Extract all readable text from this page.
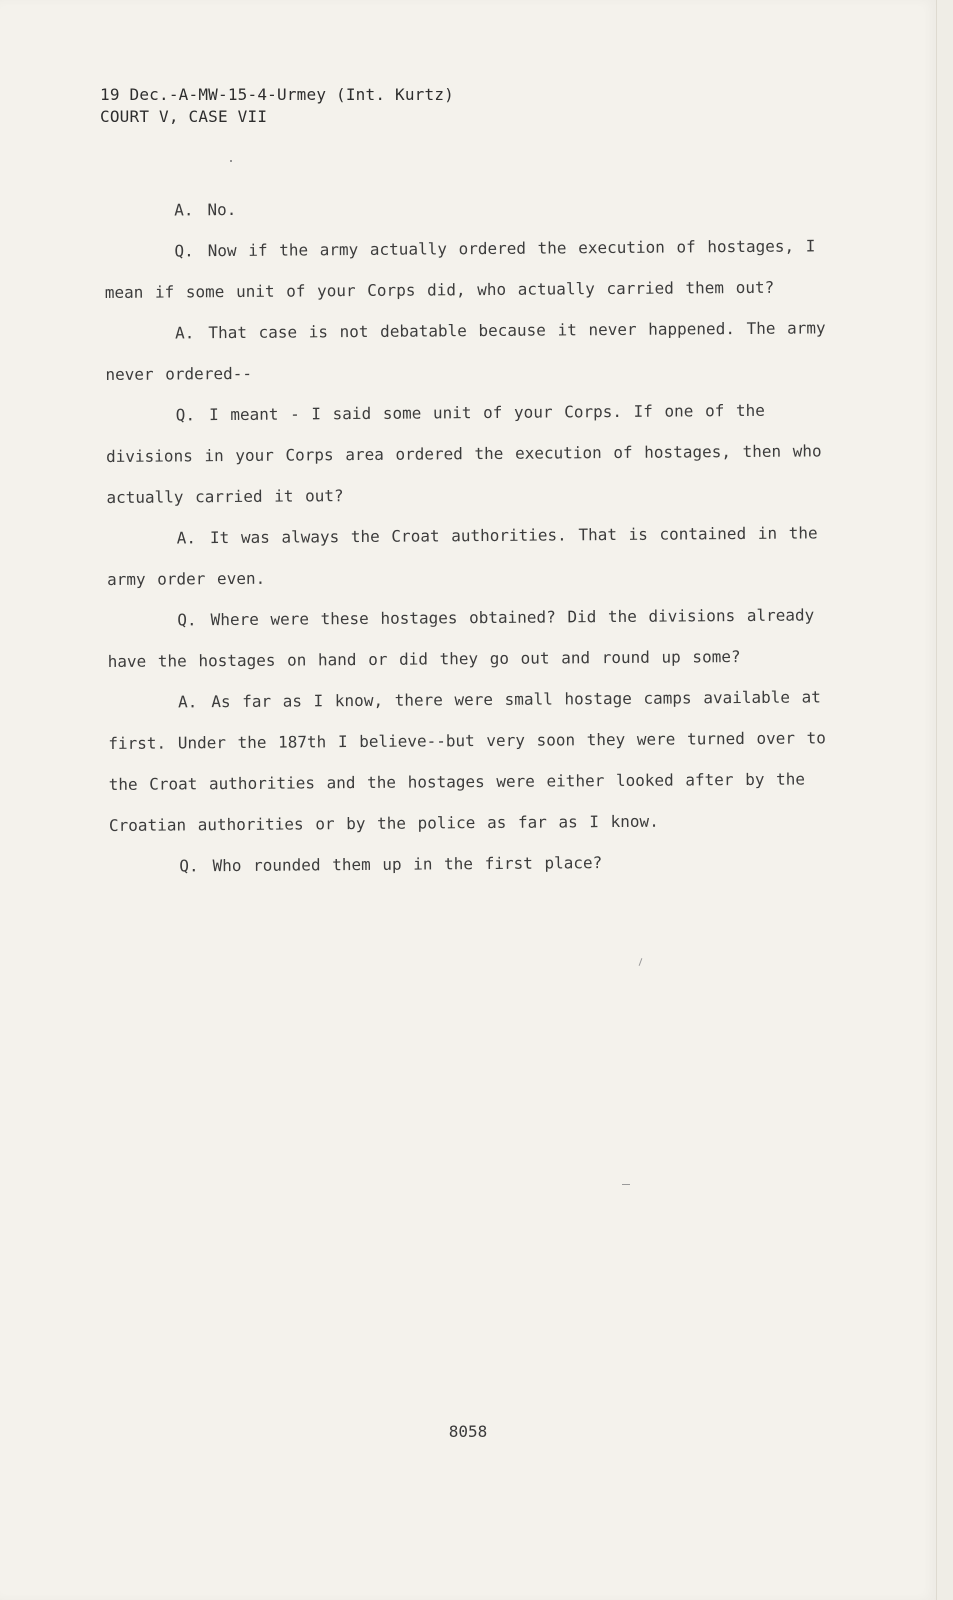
19 Dec.-A-MW-15-4-Urmey (Int. Kurtz)
COURT V, CASE VII

A. No.

Q. Now if the army actually ordered the execution of hostages, I mean if some unit of your Corps did, who actually carried them out?

A. That case is not debatable because it never happened. The army never ordered--

Q. I meant - I said some unit of your Corps. If one of the divisions in your Corps area ordered the execution of hostages, then who actually carried it out?

A. It was always the Croat authorities. That is contained in the army order even.

Q. Where were these hostages obtained? Did the divisions already have the hostages on hand or did they go out and round up some?

A. As far as I know, there were small hostage camps available at first. Under the 187th I believe--but very soon they were turned over to the Croat authorities and the hostages were either looked after by the Croatian authorities or by the police as far as I know.

Q. Who rounded them up in the first place?

8058
